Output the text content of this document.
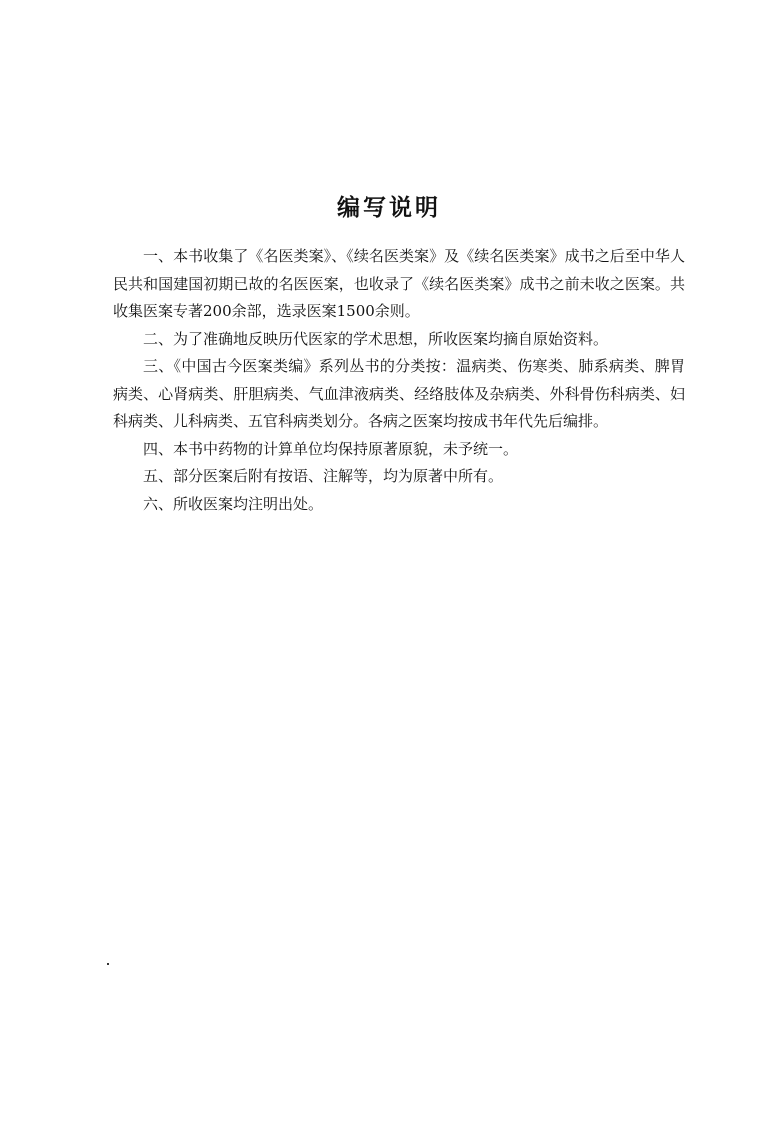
编写说明

一、本书收集了《名医类案》、《续名医类案》及《续名医类案》成书之后至中华人民共和国建国初期已故的名医医案，也收录了《续名医类案》成书之前未收之医案。共收集医案专著200余部，选录医案1500余则。

二、为了准确地反映历代医家的学术思想，所收医案均摘自原始资料。

三、《中国古今医案类编》系列丛书的分类按：温病类、伤寒类、肺系病类、脾胃病类、心肾病类、肝胆病类、气血津液病类、经络肢体及杂病类、外科骨伤科病类、妇科病类、儿科病类、五官科病类划分。各病之医案均按成书年代先后编排。

四、本书中药物的计算单位均保持原著原貌，未予统一。

五、部分医案后附有按语、注解等，均为原著中所有。

六、所收医案均注明出处。
